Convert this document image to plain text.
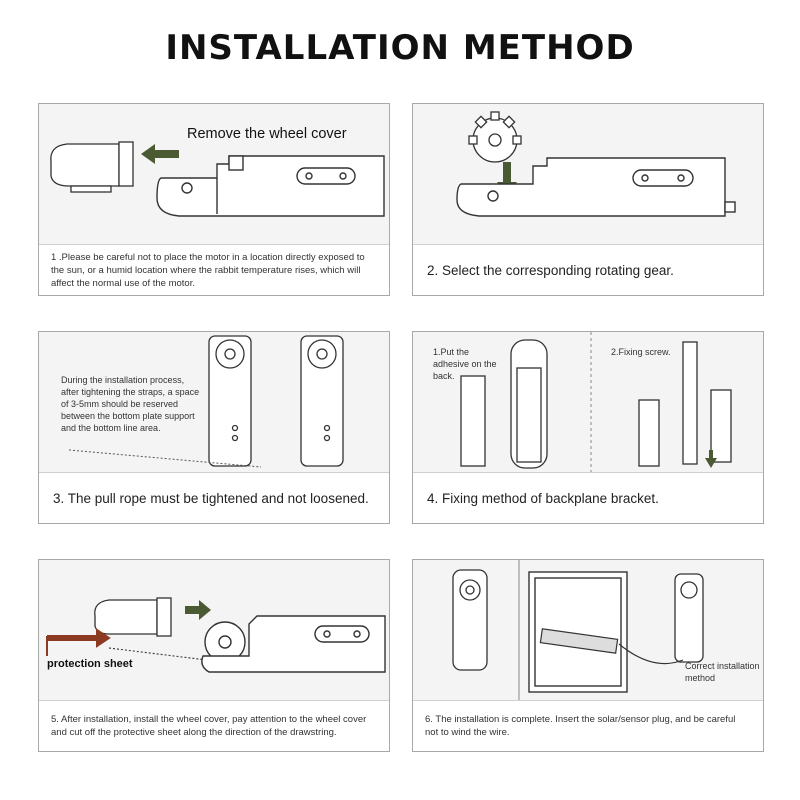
INSTALLATION METHOD
Remove the wheel cover
1 .Please be careful not to place the motor in a location directly exposed to the sun, or a humid location where the rabbit temperature rises, which will affect the normal use of the motor.
2. Select the corresponding rotating gear.
During the installation process, after tightening the straps, a space of 3-5mm should be reserved between the bottom plate support and the bottom line area.
3. The pull rope must be tightened and not loosened.
1.Put the adhesive on the back.
2.Fixing screw.
4. Fixing method of backplane bracket.
protection sheet
5. After installation, install the wheel cover, pay attention to the wheel cover and cut off the protective sheet along the direction of the drawstring.
Correct installation method
6. The installation is complete. Insert the solar/sensor plug, and be careful not to wind the wire.
